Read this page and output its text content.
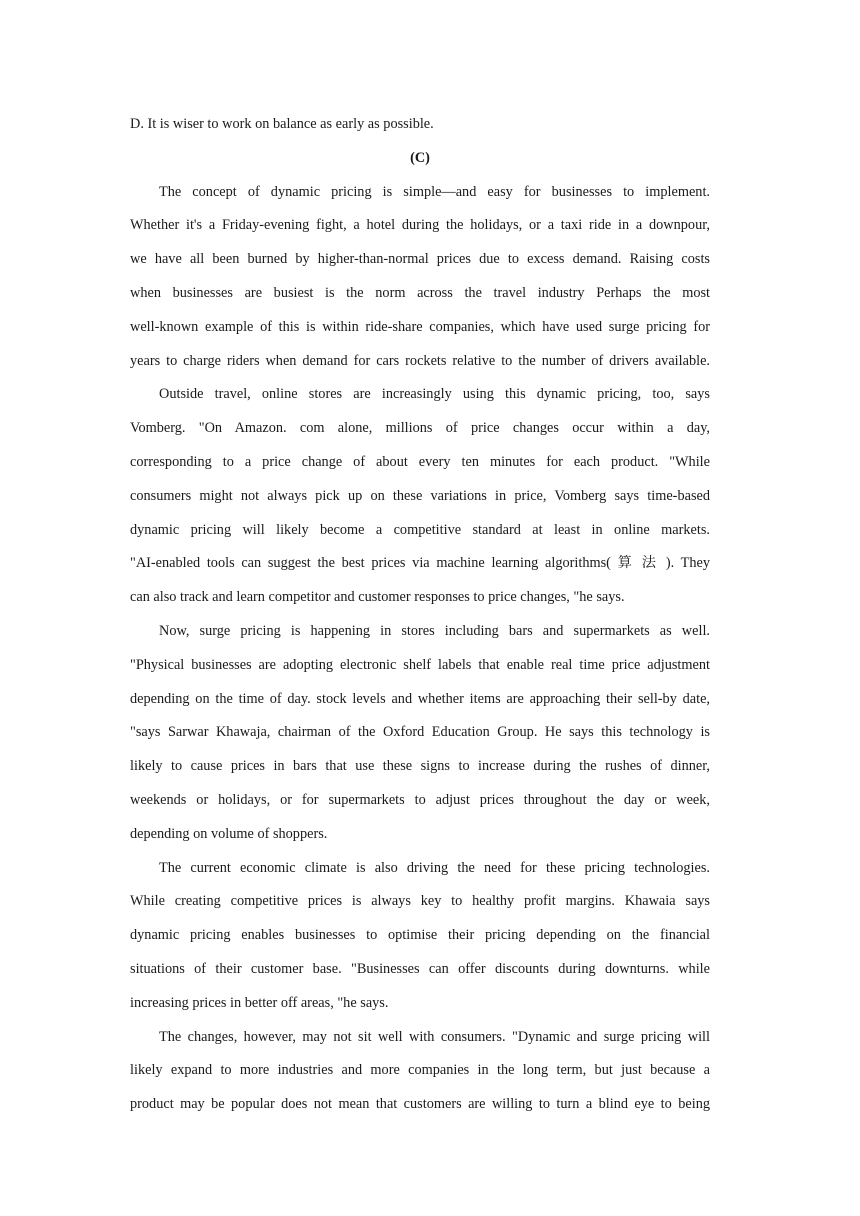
D. It is wiser to work on balance as early as possible.

(C)

The concept of dynamic pricing is simple—and easy for businesses to implement.
Whether it's a Friday-evening fight, a hotel during the holidays, or a taxi ride in a downpour,
we have all been burned by higher-than-normal prices due to excess demand. Raising costs
when businesses are busiest is the norm across the travel industry Perhaps the most
well-known example of this is within ride-share companies, which have used surge pricing for
years to charge riders when demand for cars rockets relative to the number of drivers available.
Outside travel, online stores are increasingly using this dynamic pricing, too, says
Vomberg. "On Amazon. com alone, millions of price changes occur within a day,
corresponding to a price change of about every ten minutes for each product. "While
consumers might not always pick up on these variations in price, Vomberg says time-based
dynamic pricing will likely become a competitive standard at least in online markets.
"AI-enabled tools can suggest the best prices via machine learning algorithms( 算 法 ). They
can also track and learn competitor and customer responses to price changes, "he says.
Now, surge pricing is happening in stores including bars and supermarkets as well.
"Physical businesses are adopting electronic shelf labels that enable real time price adjustment
depending on the time of day. stock levels and whether items are approaching their sell-by date,
"says Sarwar Khawaja, chairman of the Oxford Education Group. He says this technology is
likely to cause prices in bars that use these signs to increase during the rushes of dinner,
weekends or holidays, or for supermarkets to adjust prices throughout the day or week,
depending on volume of shoppers.
The current economic climate is also driving the need for these pricing technologies.
While creating competitive prices is always key to healthy profit margins. Khawaia says
dynamic pricing enables businesses to optimise their pricing depending on the financial
situations of their customer base. "Businesses can offer discounts during downturns. while
increasing prices in better off areas, "he says.
The changes, however, may not sit well with consumers. "Dynamic and surge pricing will
likely expand to more industries and more companies in the long term, but just because a
product may be popular does not mean that customers are willing to turn a blind eye to being
